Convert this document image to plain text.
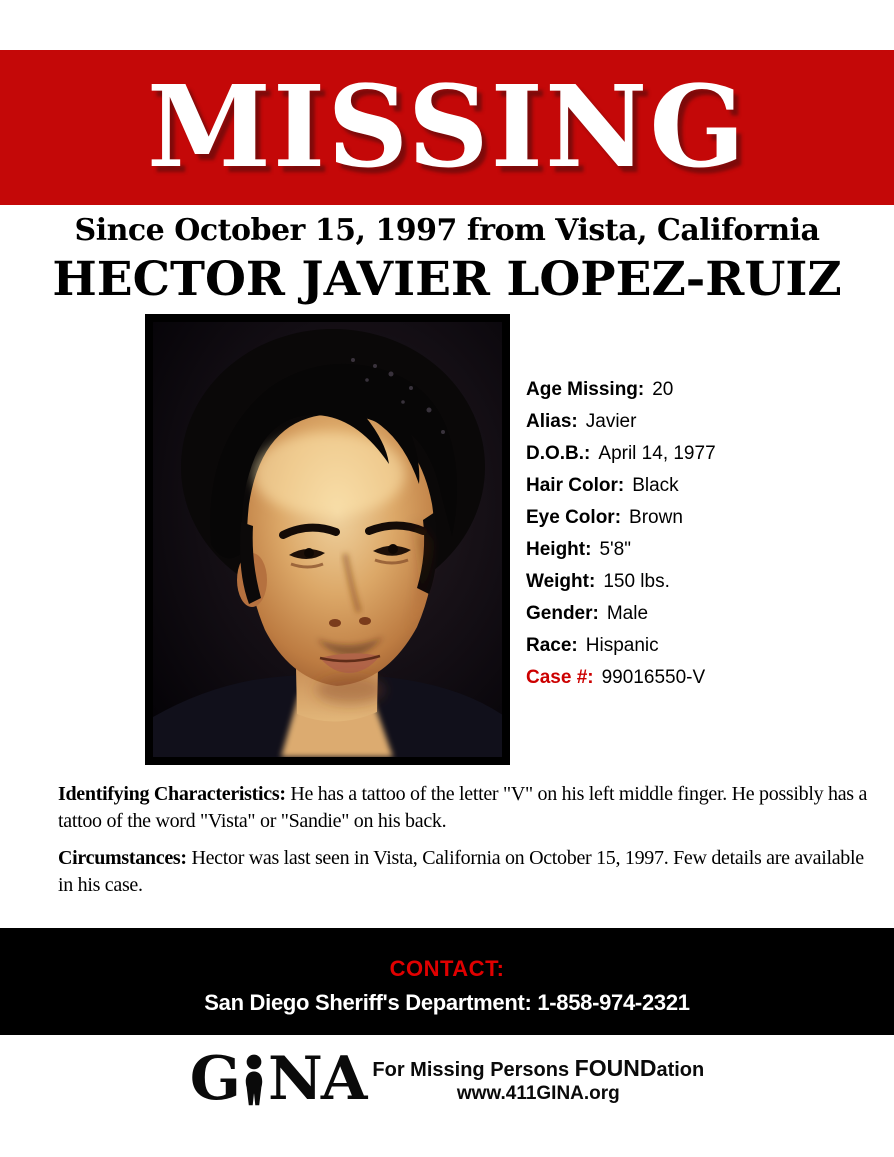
MISSING
Since October 15, 1997 from Vista, California
HECTOR JAVIER LOPEZ-RUIZ
Age Missing: 20
Alias: Javier
D.O.B.: April 14, 1977
Hair Color: Black
Eye Color: Brown
Height: 5'8"
Weight: 150 lbs.
Gender: Male
Race: Hispanic
Case #: 99016550-V

Identifying Characteristics: He has a tattoo of the letter "V" on his left middle finger. He possibly has a tattoo of the word "Vista" or "Sandie" on his back.

Circumstances: Hector was last seen in Vista, California on October 15, 1997. Few details are available in his case.

CONTACT:
San Diego Sheriff's Department: 1-858-974-2321
G NA For Missing Persons FOUNDation
www.411GINA.org
